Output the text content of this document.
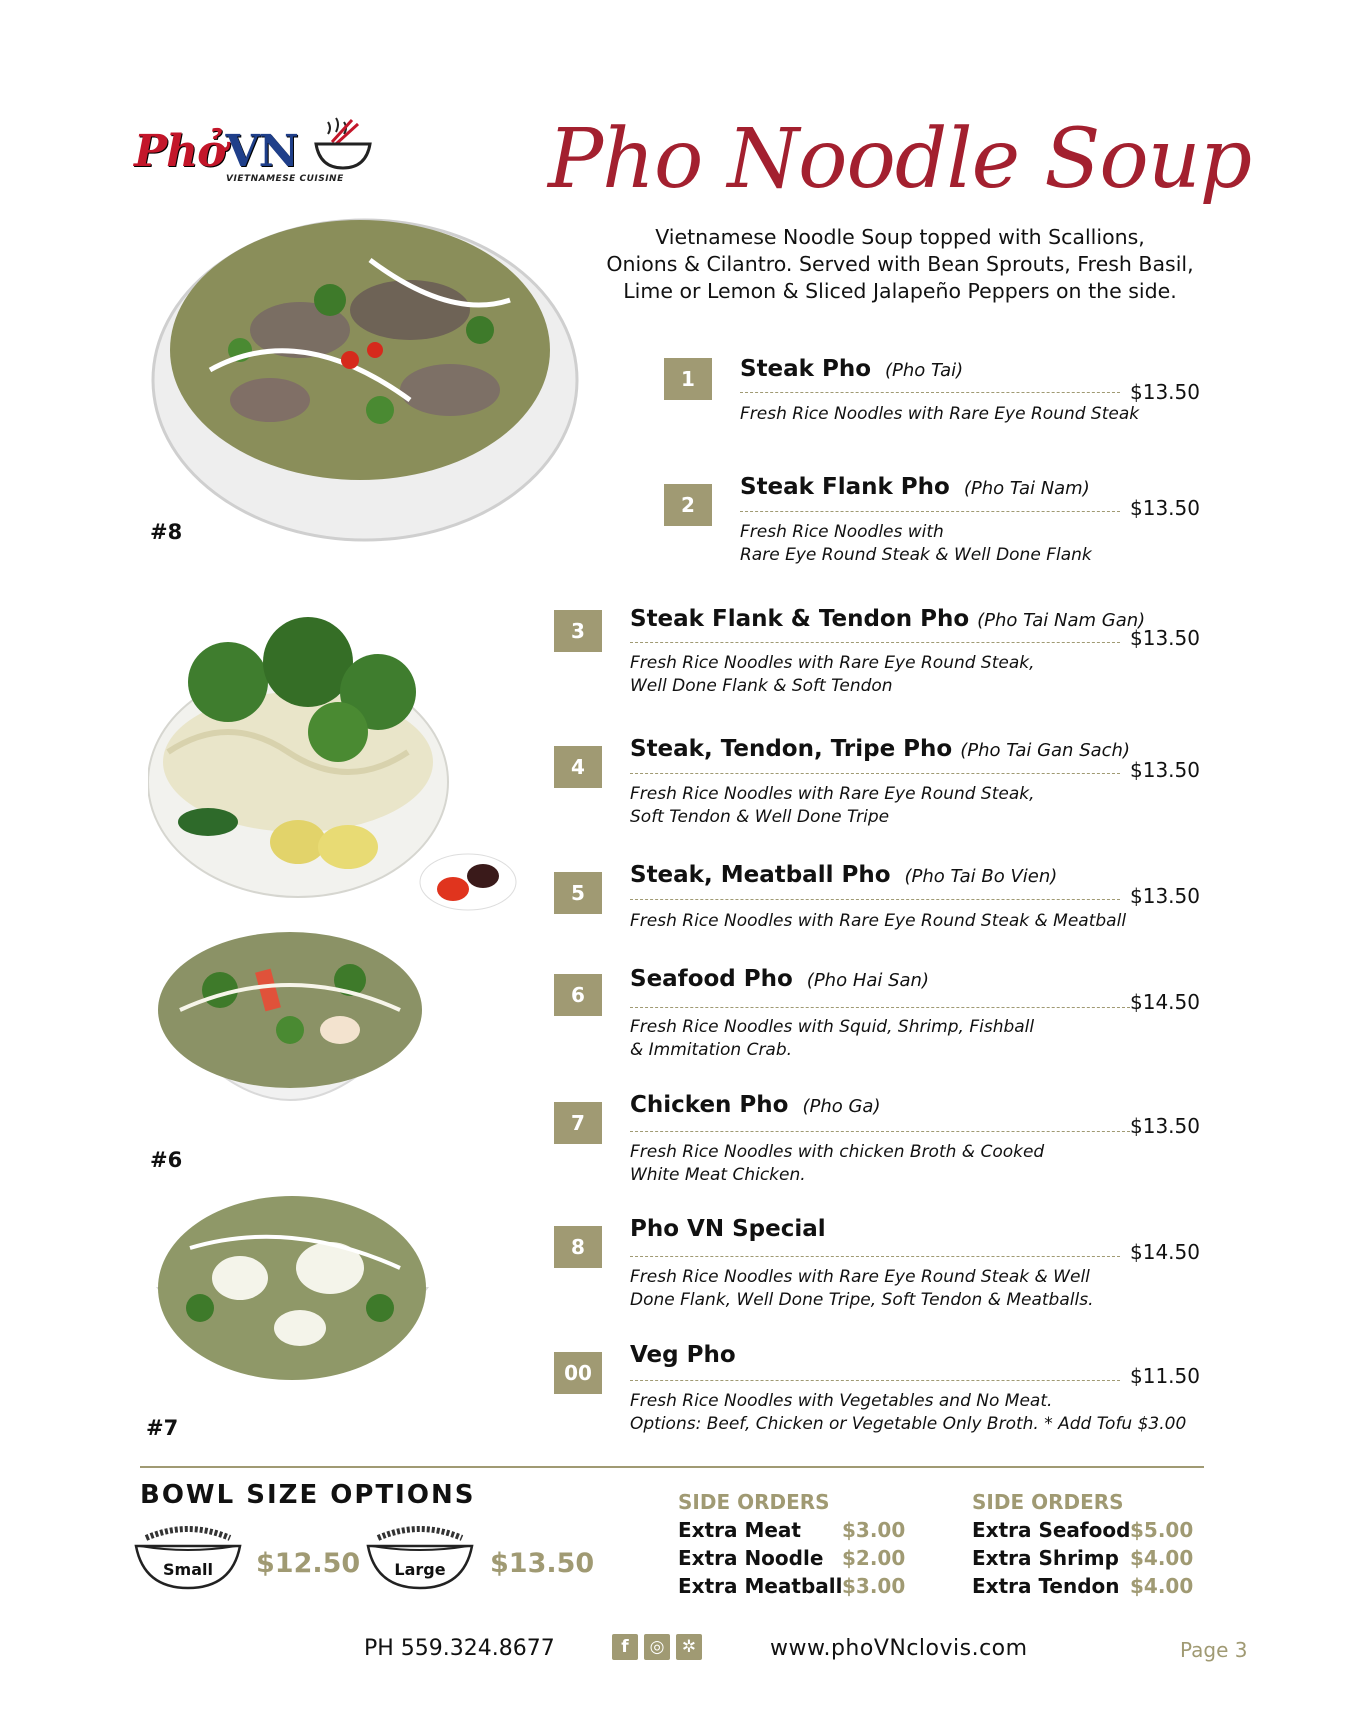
PhởVN
VIETNAMESE CUISINE Pho Noodle Soup
Vietnamese Noodle Soup topped with Scallions,
Onions & Cilantro. Served with Bean Sprouts, Fresh Basil,
Lime or Lemon & Sliced Jalapeño Peppers on the side.
#8
#6
#7
1	Steak Pho (Pho Tai)
$13.50
Fresh Rice Noodles with Rare Eye Round Steak
2
Steak Flank Pho (Pho Tai Nam)
$13.50
Fresh Rice Noodles with
Rare Eye Round Steak & Well Done Flank
3	Steak Flank & Tendon Pho (Pho Tai Nam Gan)
$13.50
Fresh Rice Noodles with Rare Eye Round Steak,
Well Done Flank & Soft Tendon
4
Steak, Tendon, Tripe Pho (Pho Tai Gan Sach)
$13.50
Fresh Rice Noodles with Rare Eye Round Steak,
Soft Tendon & Well Done Tripe
5
Steak, Meatball Pho (Pho Tai Bo Vien)
$13.50
Fresh Rice Noodles with Rare Eye Round Steak & Meatball
6
Seafood Pho (Pho Hai San)
$14.50
Fresh Rice Noodles with Squid, Shrimp, Fishball
& Immitation Crab.
7
Chicken Pho (Pho Ga)
$13.50
Fresh Rice Noodles with chicken Broth & Cooked
White Meat Chicken.
8
Pho VN Special
$14.50
Fresh Rice Noodles with Rare Eye Round Steak & Well
Done Flank, Well Done Tripe, Soft Tendon & Meatballs.
00
Veg Pho
$11.50
Fresh Rice Noodles with Vegetables and No Meat.
Options: Beef, Chicken or Vegetable Only Broth. * Add Tofu $3.00
BOWL SIZE OPTIONS
Small	$12.50	Large	$13.50
SIDE ORDERS
Extra Meat $3.00
Extra Noodle $2.00
Extra Meatball $3.00
SIDE ORDERS
Extra Seafood $5.00
Extra Shrimp $4.00
Extra Tendon $4.00
PH 559.324.8677	f	◎	✲	www.phoVNclovis.com	Page 3
